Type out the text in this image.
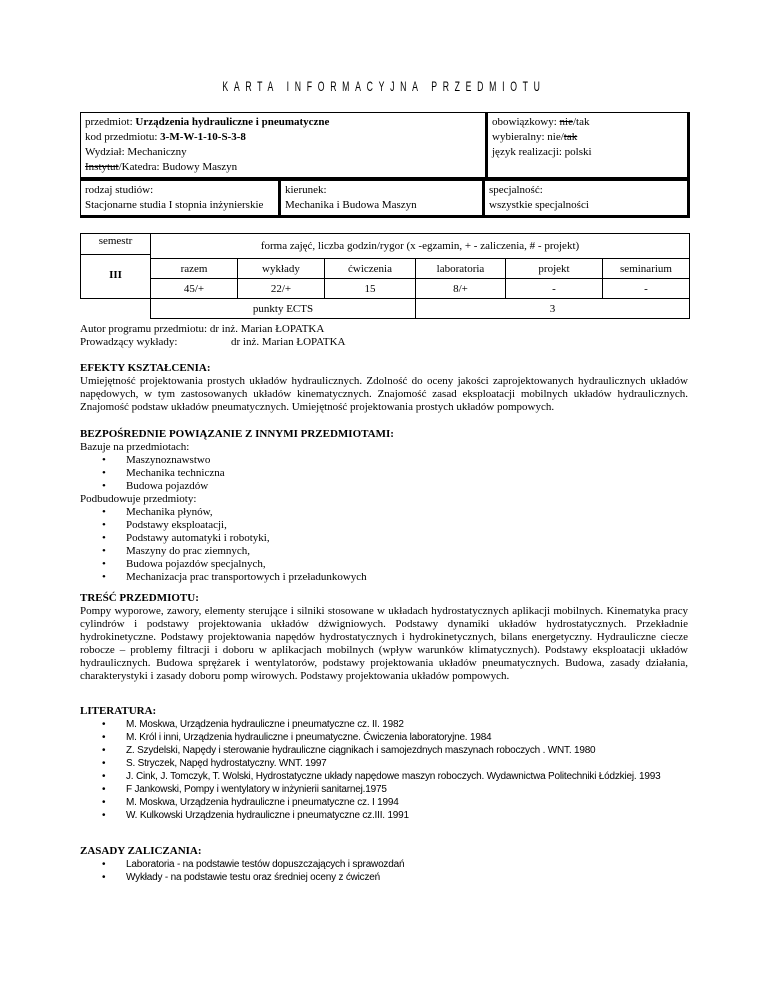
KARTA INFORMACYJNA PRZEDMIOTU
przedmiot: Urządzenia hydrauliczne i pneumatyczne
kod przedmiotu: 3-M-W-1-10-S-3-8
Wydział: Mechaniczny
Instytut/Katedra: Budowy Maszyn

obowiązkowy: nie/tak
wybieralny: nie/tak
język realizacji: polski
rodzaj studiów:
Stacjonarne studia I stopnia inżynierskie

kierunek:
Mechanika i Budowa Maszyn

specjalność:
wszystkie specjalności
semestr
III	forma zajęć, liczba godzin/rygor (x -egzamin, + - zaliczenia, # - projekt)					
	razem	wykłady	ćwiczenia	laboratoria	projekt	seminarium
	45/+	22/+	15	8/+	-	-
	punkty ECTS			3		
Autor programu przedmiotu: dr inż. Marian ŁOPATKA
Prowadzący wykłady:	dr inż. Marian ŁOPATKA
EFEKTY KSZTAŁCENIA:
Umiejętność projektowania prostych układów hydraulicznych. Zdolność do oceny jakości zaprojektowanych hydraulicznych układów napędowych, w tym zastosowanych układów kinematycznych. Znajomość zasad eksploatacji mobilnych układów hydraulicznych. Znajomość podstaw układów pneumatycznych. Umiejętność projektowania prostych układów pompowych.
BEZPOŚREDNIE POWIĄZANIE Z INNYMI PRZEDMIOTAMI:
Bazuje na przedmiotach:
• Maszynoznawstwo
• Mechanika techniczna
• Budowa pojazdów
Podbudowuje przedmioty:
• Mechanika płynów,
• Podstawy eksploatacji,
• Podstawy automatyki i robotyki,
• Maszyny do prac ziemnych,
• Budowa pojazdów specjalnych,
• Mechanizacja prac transportowych i przeładunkowych
TREŚĆ PRZEDMIOTU:
Pompy wyporowe, zawory, elementy sterujące i silniki stosowane w układach hydrostatycznych aplikacji mobilnych. Kinematyka pracy cylindrów i podstawy projektowania układów dźwigniowych. Podstawy dynamiki układów hydrostatycznych. Przekładnie hydrokinetyczne. Podstawy projektowania napędów hydrostatycznych i hydrokinetycznych, bilans energetyczny. Hydrauliczne ciecze robocze – problemy filtracji i doboru w aplikacjach mobilnych (wpływ warunków klimatycznych). Podstawy eksploatacji układów hydraulicznych. Budowa sprężarek i wentylatorów, podstawy projektowania układów pneumatycznych. Budowa, zasady działania, charakterystyki i zasady doboru pomp wirowych. Podstawy projektowania układów pompowych.
LITERATURA:
• M. Moskwa, Urządzenia hydrauliczne i pneumatyczne cz. II. 1982
• M. Król i inni, Urządzenia hydrauliczne i pneumatyczne. Ćwiczenia laboratoryjne. 1984
• Z. Szydelski, Napędy i sterowanie hydrauliczne ciągnikach i samojezdnych maszynach roboczych . WNT. 1980
• S. Stryczek, Napęd hydrostatyczny. WNT. 1997
• J. Cink, J. Tomczyk, T. Wolski, Hydrostatyczne układy napędowe maszyn roboczych. Wydawnictwa Politechniki Łódzkiej. 1993
• F Jankowski, Pompy i wentylatory w inżynierii sanitarnej.1975
• M. Moskwa, Urządzenia hydrauliczne i pneumatyczne cz. I 1994
• W. Kulkowski Urządzenia hydrauliczne i pneumatyczne cz.III. 1991
ZASADY ZALICZANIA:
• Laboratoria - na podstawie testów dopuszczających i sprawozdań
• Wykłady - na podstawie testu oraz średniej oceny z ćwiczeń
